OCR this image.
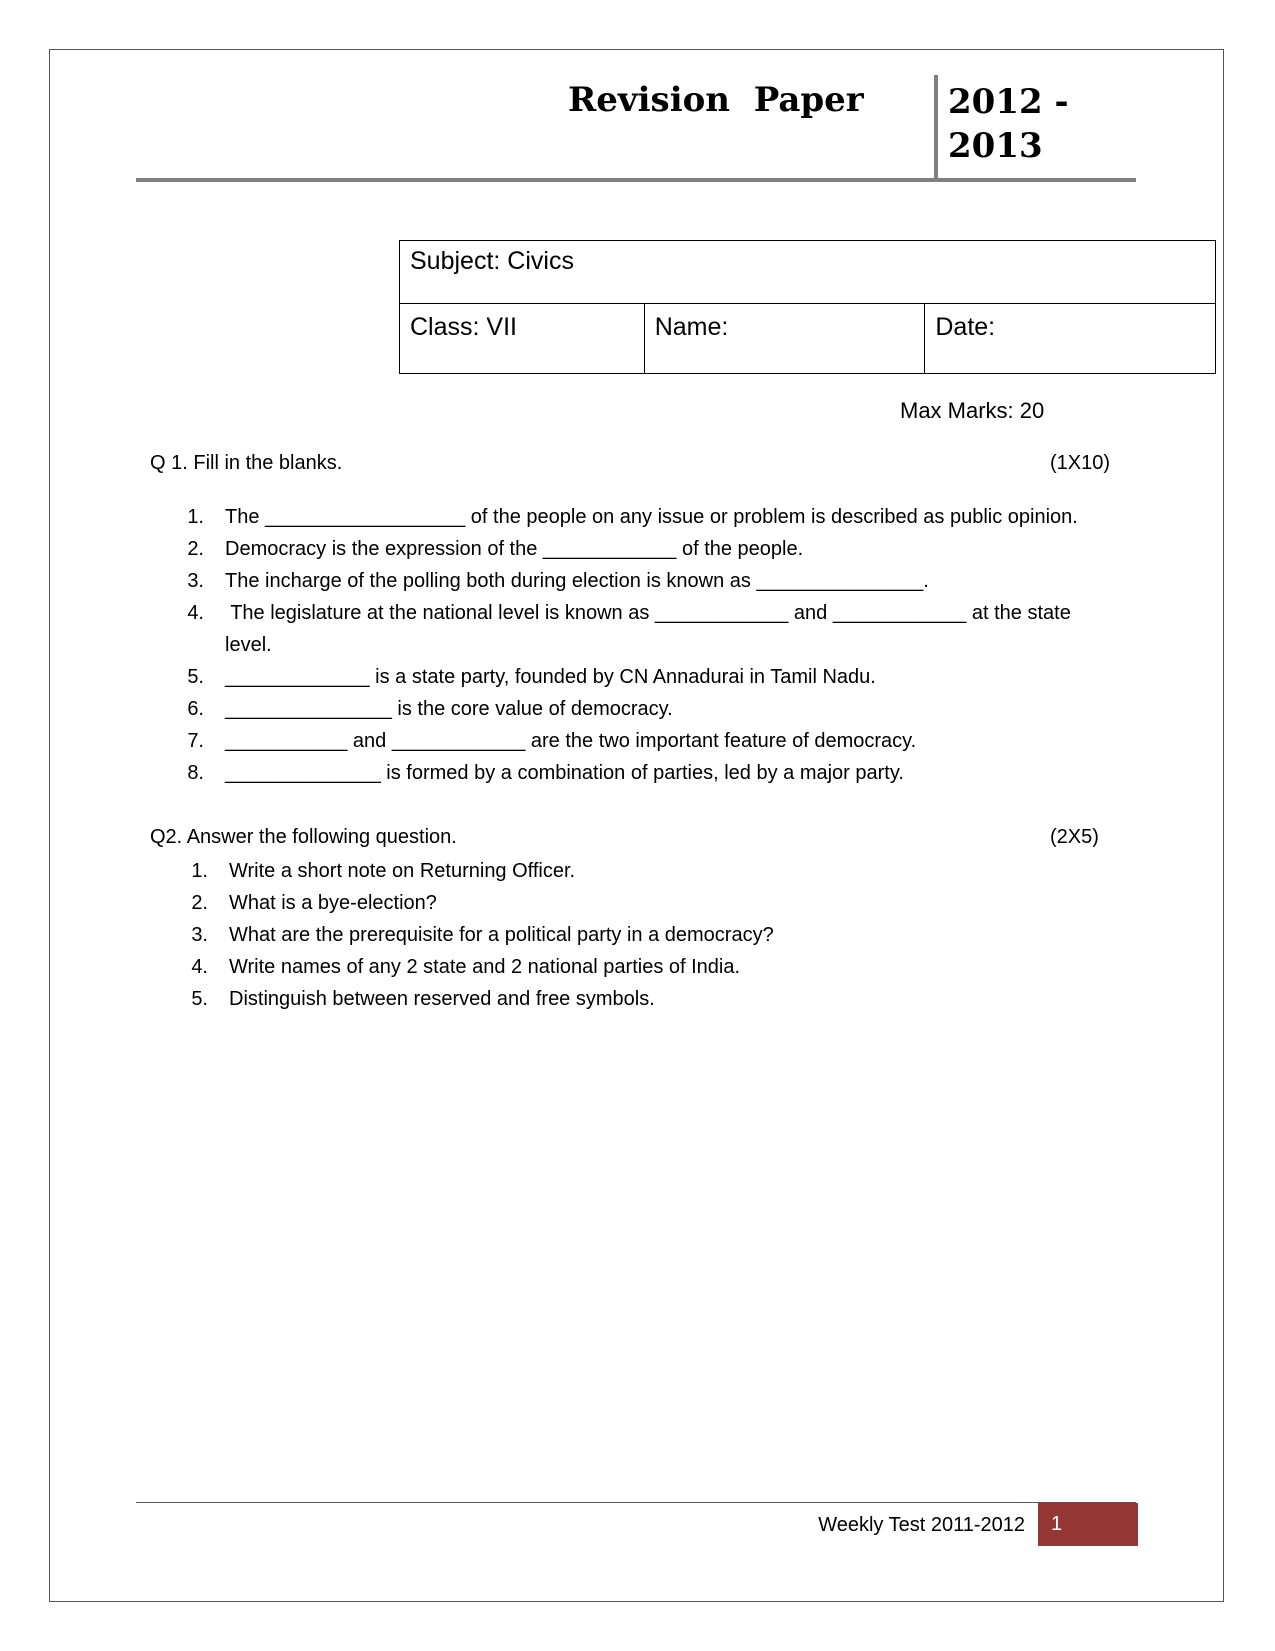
Revision  Paper 2012 - 2013
Subject: Civics
Class: VII	Name:	Date:
Max Marks: 20
Q 1. Fill in the blanks.	(1X10)
1. The __________________ of the people on any issue or problem is described as public opinion.
2. Democracy is the expression of the ____________ of the people.
3. The incharge of the polling both during election is known as _______________.
4. The legislature at the national level is known as ____________ and ____________ at the state
level.
5. _____________ is a state party, founded by CN Annadurai in Tamil Nadu.
6. _______________ is the core value of democracy.
7. ___________ and ____________ are the two important feature of democracy.
8. ______________ is formed by a combination of parties, led by a major party.
Q2. Answer the following question.	(2X5)
1. Write a short note on Returning Officer.
2. What is a bye-election?
3. What are the prerequisite for a political party in a democracy?
4. Write names of any 2 state and 2 national parties of India.
5. Distinguish between reserved and free symbols.
Weekly Test 2011-2012	1
